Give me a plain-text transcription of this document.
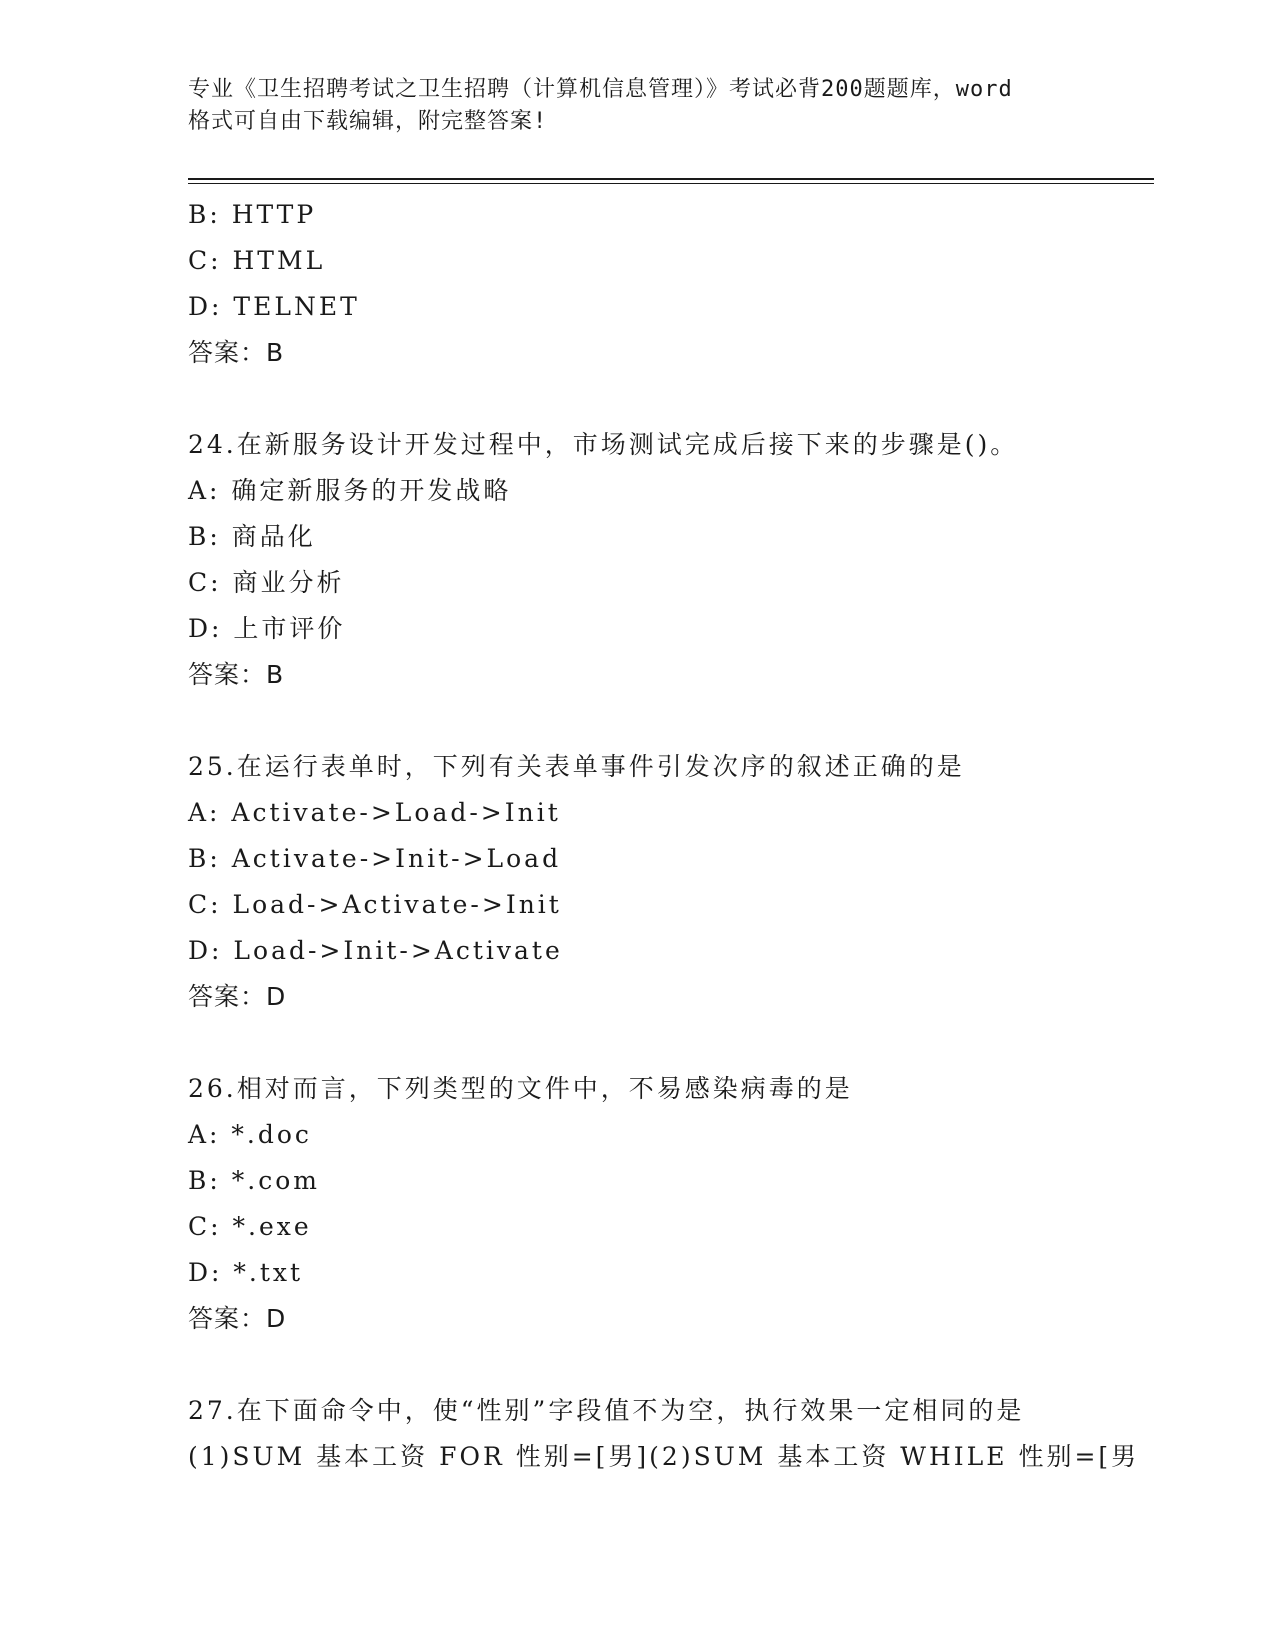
专业《卫生招聘考试之卫生招聘（计算机信息管理）》考试必背200题题库，word
格式可自由下载编辑，附完整答案!
B: HTTP
C: HTML
D: TELNET
答案：B
24.在新服务设计开发过程中，市场测试完成后接下来的步骤是()。
A: 确定新服务的开发战略
B: 商品化
C: 商业分析
D: 上市评价
答案：B
25.在运行表单时，下列有关表单事件引发次序的叙述正确的是
A: Activate->Load->Init
B: Activate->Init->Load
C: Load->Activate->Init
D: Load->Init->Activate
答案：D
26.相对而言，下列类型的文件中，不易感染病毒的是
A: *.doc
B: *.com
C: *.exe
D: *.txt
答案：D
27.在下面命令中，使“性别”字段值不为空，执行效果一定相同的是
(1)SUM 基本工资 FOR 性别=[男](2)SUM 基本工资 WHILE 性别=[男
